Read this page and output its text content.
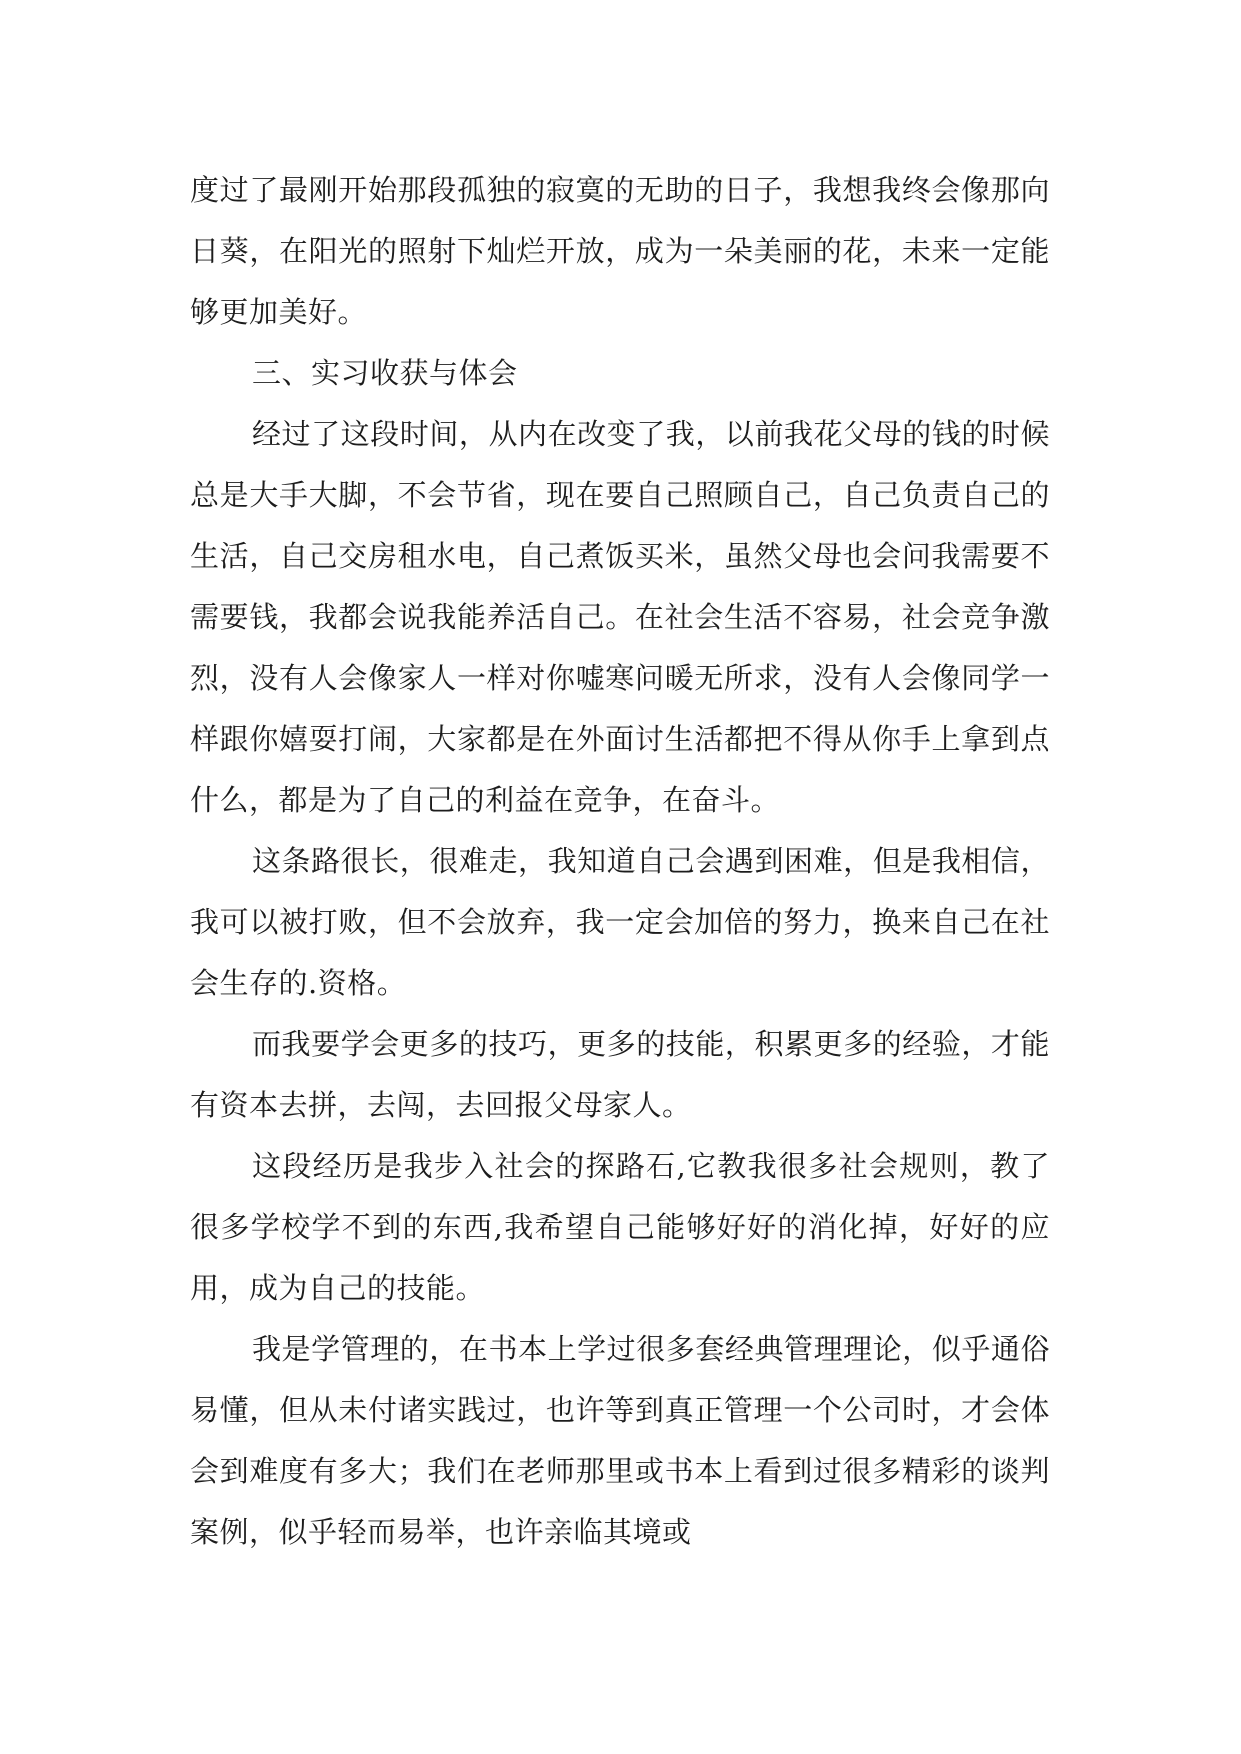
度过了最刚开始那段孤独的寂寞的无助的日子，我想我终会像那向日葵，在阳光的照射下灿烂开放，成为一朵美丽的花，未来一定能够更加美好。

三、实习收获与体会

经过了这段时间，从内在改变了我，以前我花父母的钱的时候总是大手大脚，不会节省，现在要自己照顾自己，自己负责自己的生活，自己交房租水电，自己煮饭买米，虽然父母也会问我需要不需要钱，我都会说我能养活自己。在社会生活不容易，社会竞争激烈，没有人会像家人一样对你嘘寒问暖无所求，没有人会像同学一样跟你嬉耍打闹，大家都是在外面讨生活都把不得从你手上拿到点什么，都是为了自己的利益在竞争，在奋斗。

这条路很长，很难走，我知道自己会遇到困难，但是我相信，我可以被打败，但不会放弃，我一定会加倍的努力，换来自己在社会生存的.资格。

而我要学会更多的技巧，更多的技能，积累更多的经验，才能有资本去拼，去闯，去回报父母家人。

这段经历是我步入社会的探路石,它教我很多社会规则，教了很多学校学不到的东西,我希望自己能够好好的消化掉，好好的应用，成为自己的技能。

我是学管理的，在书本上学过很多套经典管理理论，似乎通俗易懂，但从未付诸实践过，也许等到真正管理一个公司时，才会体会到难度有多大；我们在老师那里或书本上看到过很多精彩的谈判案例，似乎轻而易举，也许亲临其境或
